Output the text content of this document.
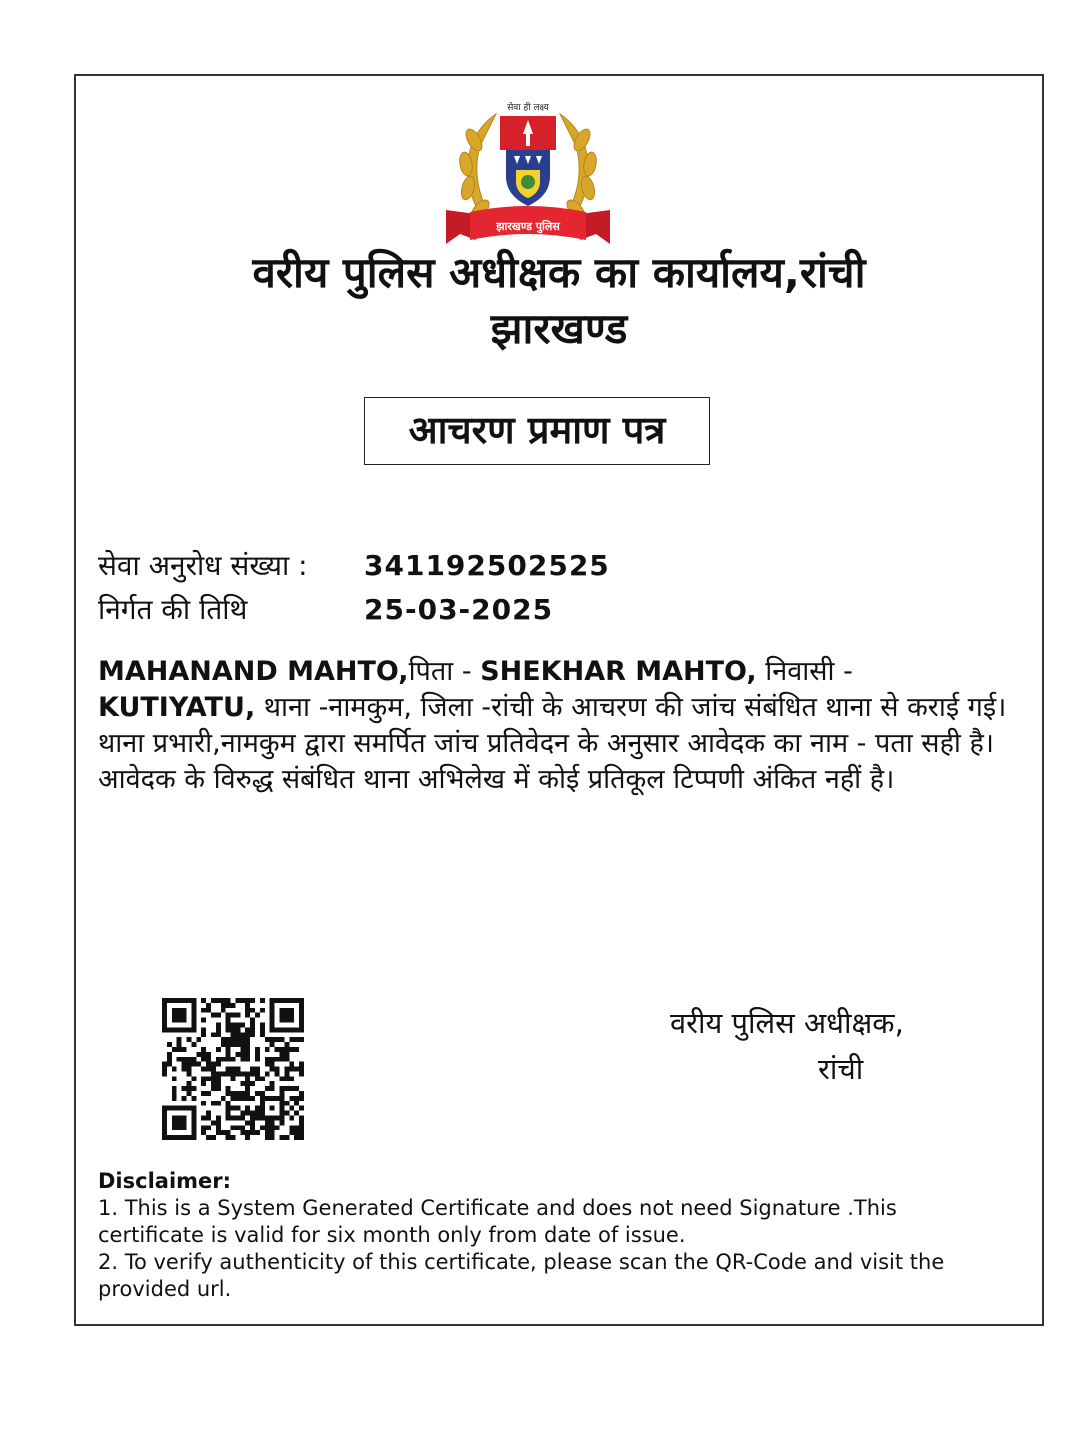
सेवा ही लक्ष्य
झारखण्ड पुलिस
वरीय पुलिस अधीक्षक का कार्यालय,रांची
झारखण्ड
आचरण प्रमाण पत्र
सेवा अनुरोध संख्या : 341192502525
निर्गत की तिथि	25-03-2025

MAHANAND MAHTO,पिता - SHEKHAR MAHTO, निवासी - KUTIYATU, थाना -नामकुम, जिला -रांची के आचरण की जांच संबंधित थाना से कराई गई। थाना प्रभारी,नामकुम द्वारा समर्पित जांच प्रतिवेदन के अनुसार आवेदक का नाम - पता सही है। आवेदक के विरुद्ध संबंधित थाना अभिलेख में कोई प्रतिकूल टिप्पणी अंकित नहीं है।

वरीय पुलिस अधीक्षक,
रांची
Disclaimer:
1. This is a System Generated Certificate and does not need Signature .This certificate is valid for six month only from date of issue.
2. To verify authenticity of this certificate, please scan the QR-Code and visit the provided url.
